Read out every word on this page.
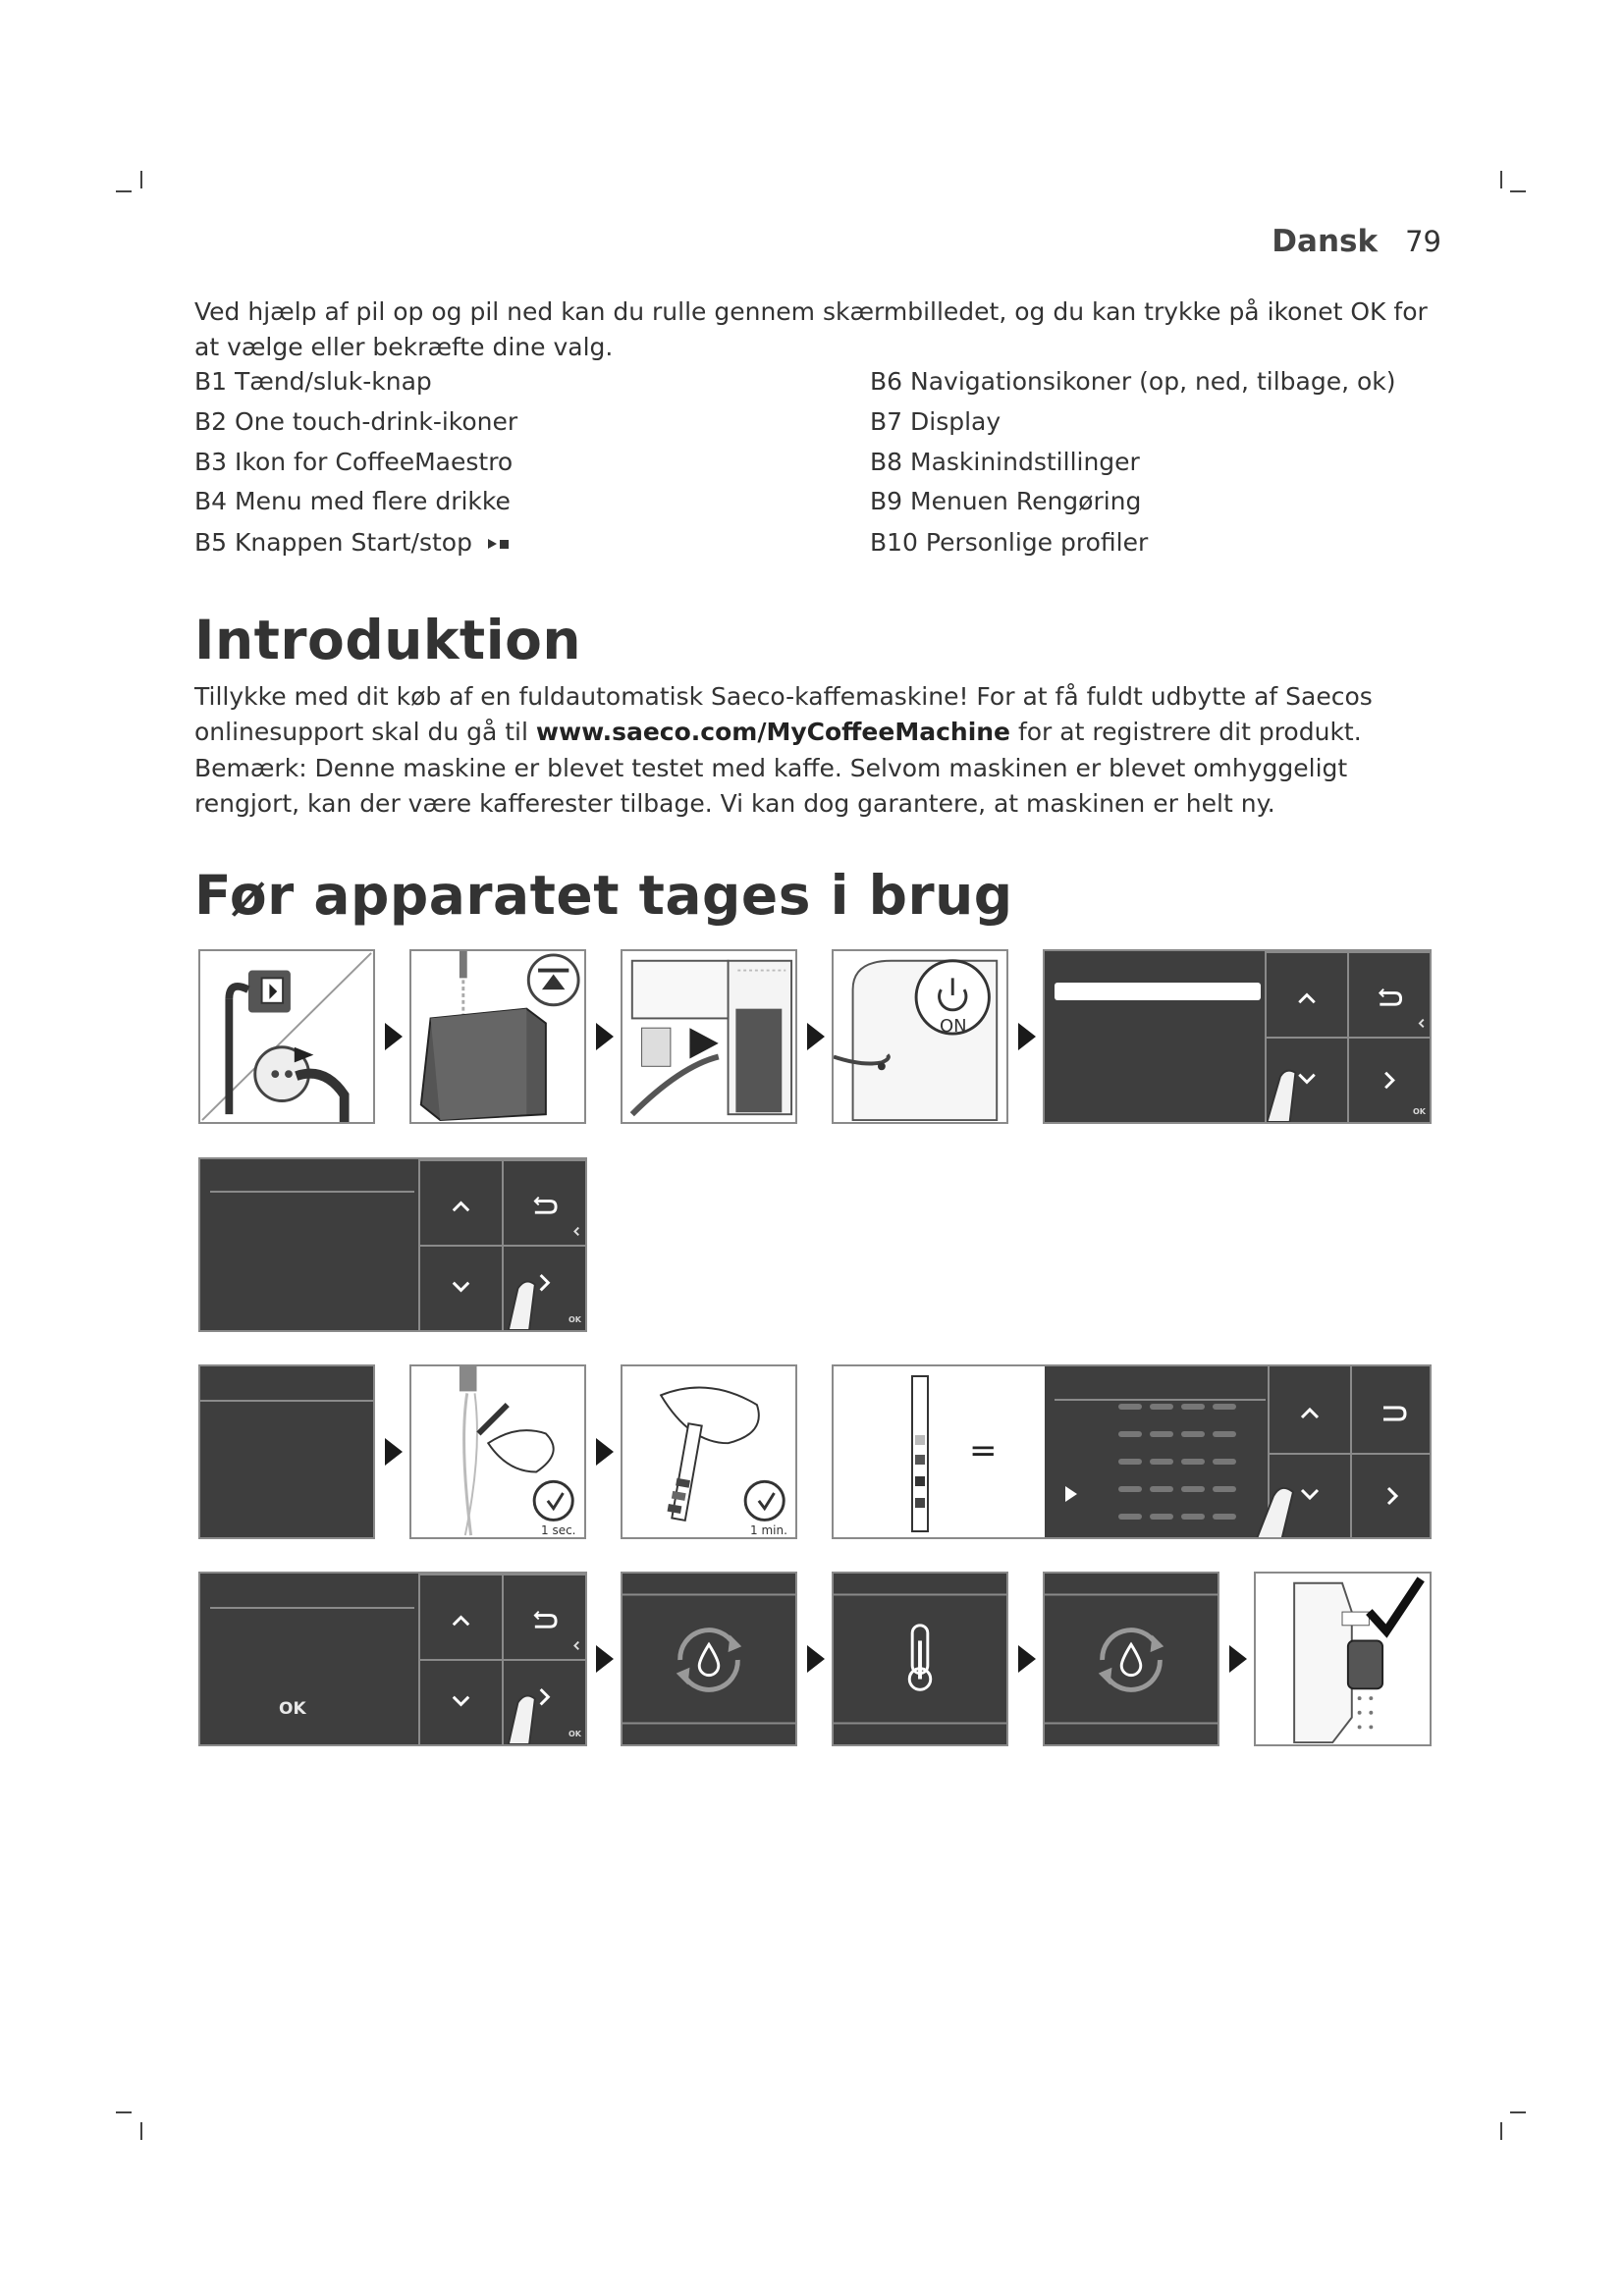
Dansk 79

Ved hjælp af pil op og pil ned kan du rulle gennem skærmbilledet, og du kan trykke på ikonet OK for at vælge eller bekræfte dine valg.

B1 Tænd/sluk-knap
B2 One touch-drink-ikoner
B3 Ikon for CoffeeMaestro
B4 Menu med flere drikke
B5 Knappen Start/stop
B6 Navigationsikoner (op, ned, tilbage, ok)
B7 Display
B8 Maskinindstillinger
B9 Menuen Rengøring
B10 Personlige profiler
Introduktion

Tillykke med dit køb af en fuldautomatisk Saeco-kaffemaskine! For at få fuldt udbytte af Saecos onlinesupport skal du gå til www.saeco.com/MyCoffeeMachine for at registrere dit produkt.

Bemærk: Denne maskine er blevet testet med kaffe. Selvom maskinen er blevet omhyggeligt rengjort, kan der være kafferester tilbage. Vi kan dog garantere, at maskinen er helt ny.

Før apparatet tages i brug
ON
OK
OK
1 sec.	1 min.
=
OK
OK
